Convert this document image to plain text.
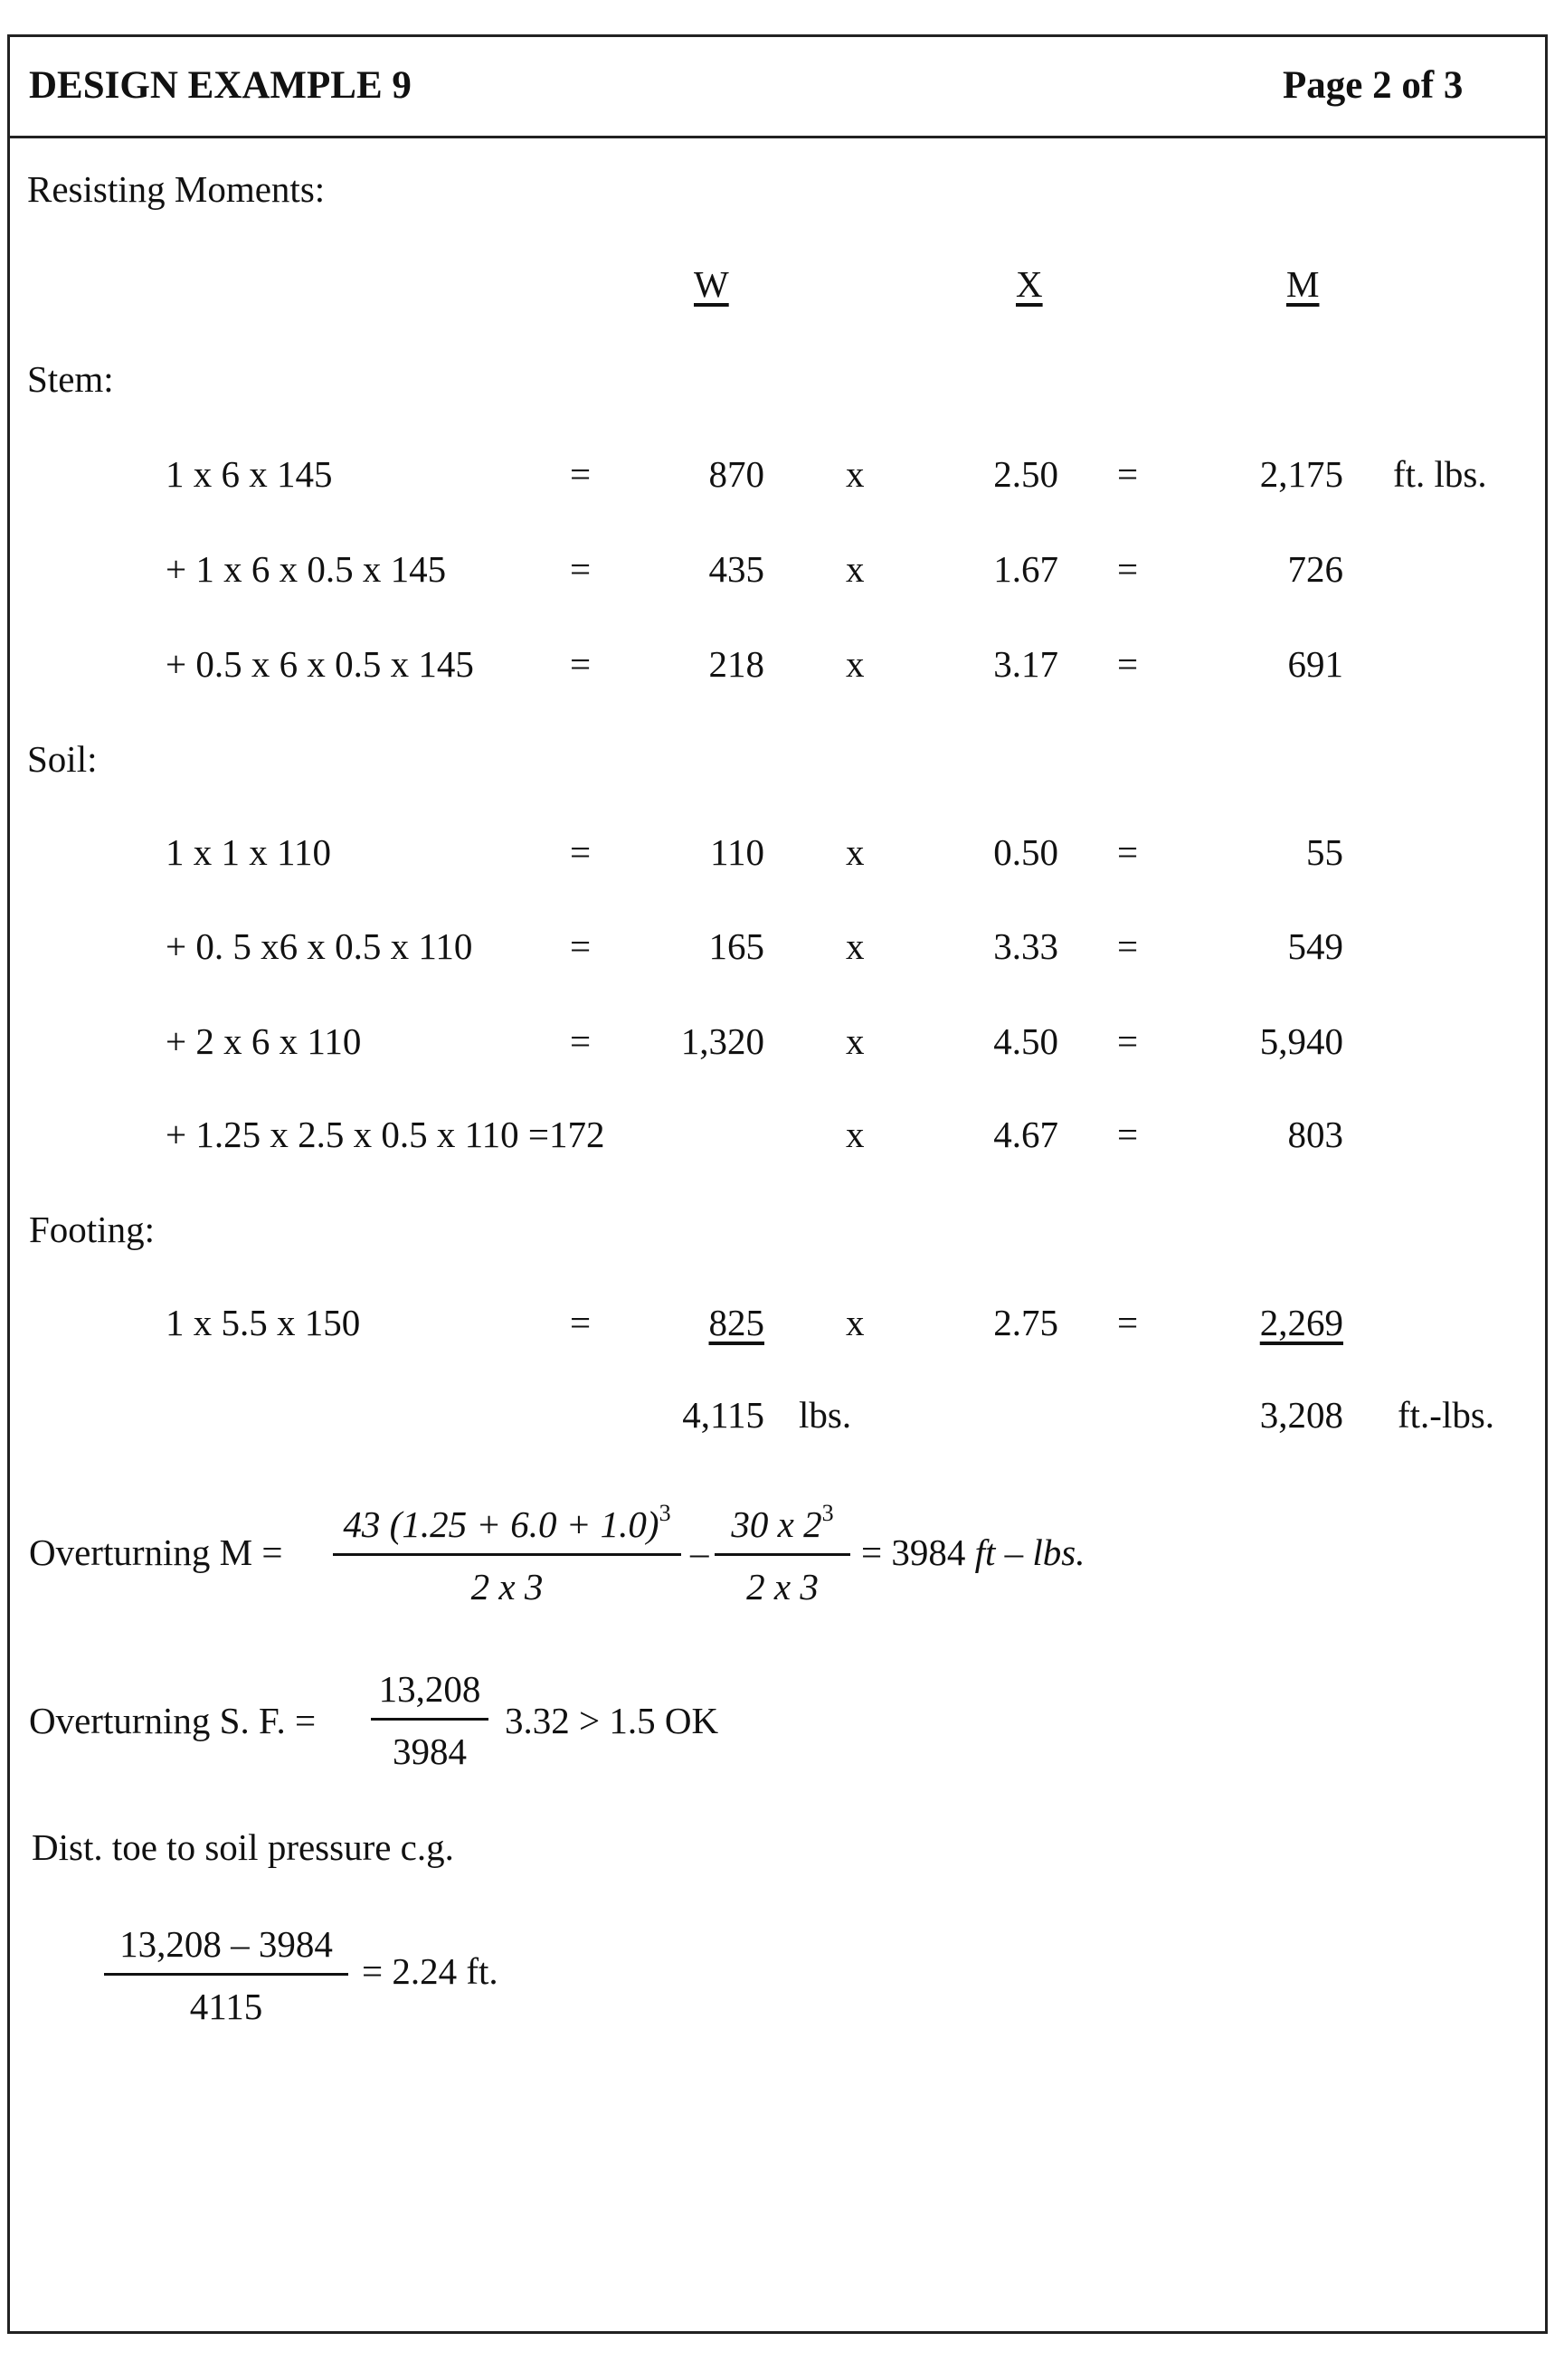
DESIGN EXAMPLE 9	Page 2 of 3
Resisting Moments:
W	X	M
Stem:
Soil:
Footing:
1 x 6 x 145	=	870 x	2.50 =	2,175 ft. lbs.
+ 1 x 6 x 0.5 x 145	=	435 x	1.67 =	726
+ 0.5 x 6 x 0.5 x 145	=	218 x	3.17 =	691
1 x 1 x 110	=	110 x	0.50 =	55
+ 0. 5 x6 x 0.5 x 110	=	165 x	3.33 =	549
+ 2 x 6 x 110	=	1,320 x	4.50 =	5,940
+ 1.25 x 2.5 x 0.5 x 110 =172	x	4.67 =	803
1 x 5.5 x 150	=	825 x	2.75 =	2,269
4,115 lbs.	3,208 ft.-lbs.
Overturning M =
43 $(1.25 + 6.0 + 1.0)^3$
2 x 3
–
30 x $2^3$
2 x 3
= 3984 ft – lbs.
Overturning S. F. =
13,208
3984
3.32 > 1.5 OK
Dist. toe to soil pressure c.g.
13,208 – 3984
4115
= 2.24 ft.
